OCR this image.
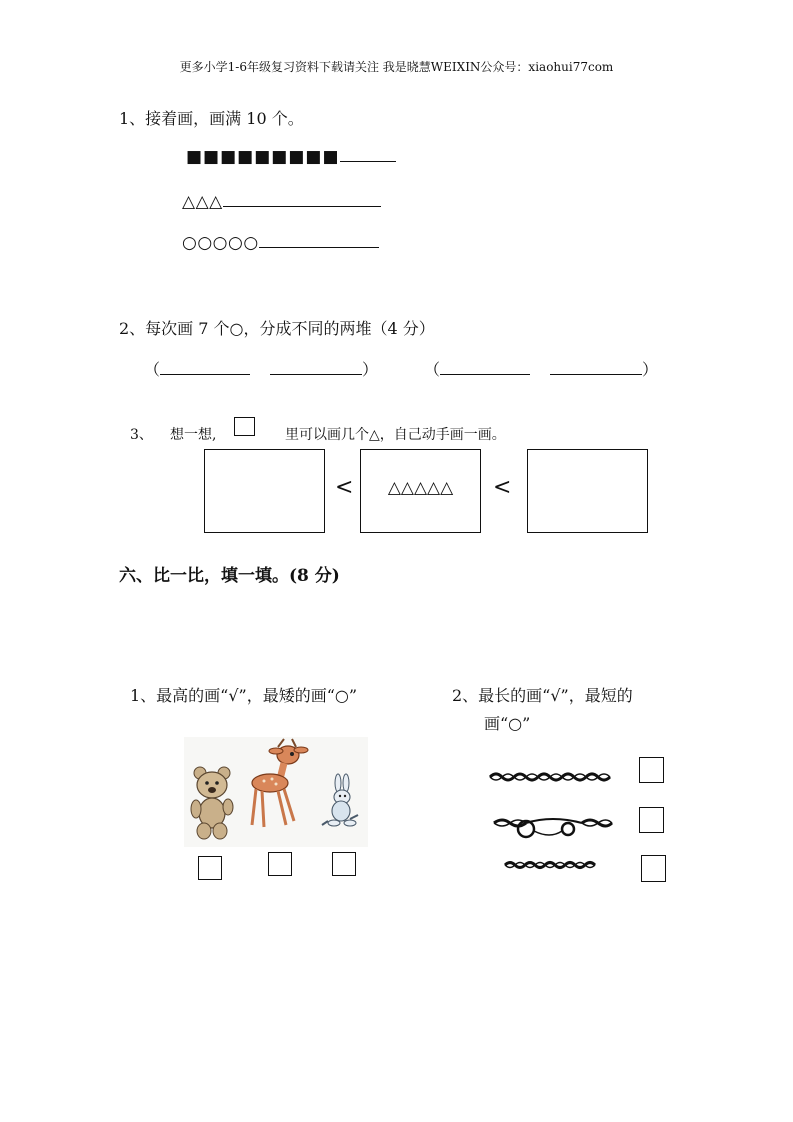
更多小学1-6年级复习资料下载请关注 我是晓慧WEIXIN公众号：xiaohui77com
1、接着画，画满 10 个。
■■■■■■■■■
△△△
○○○○○
2、每次画 7 个○，分成不同的两堆（4 分）
（	）	（	）
3、 想一想,	里可以画几个△，自己动手画一画。
<	△△△△△	<
六、比一比，填一填。(8 分)
1、最高的画“√”，最矮的画“○”	2、最长的画“√”，最短的
画“○”
